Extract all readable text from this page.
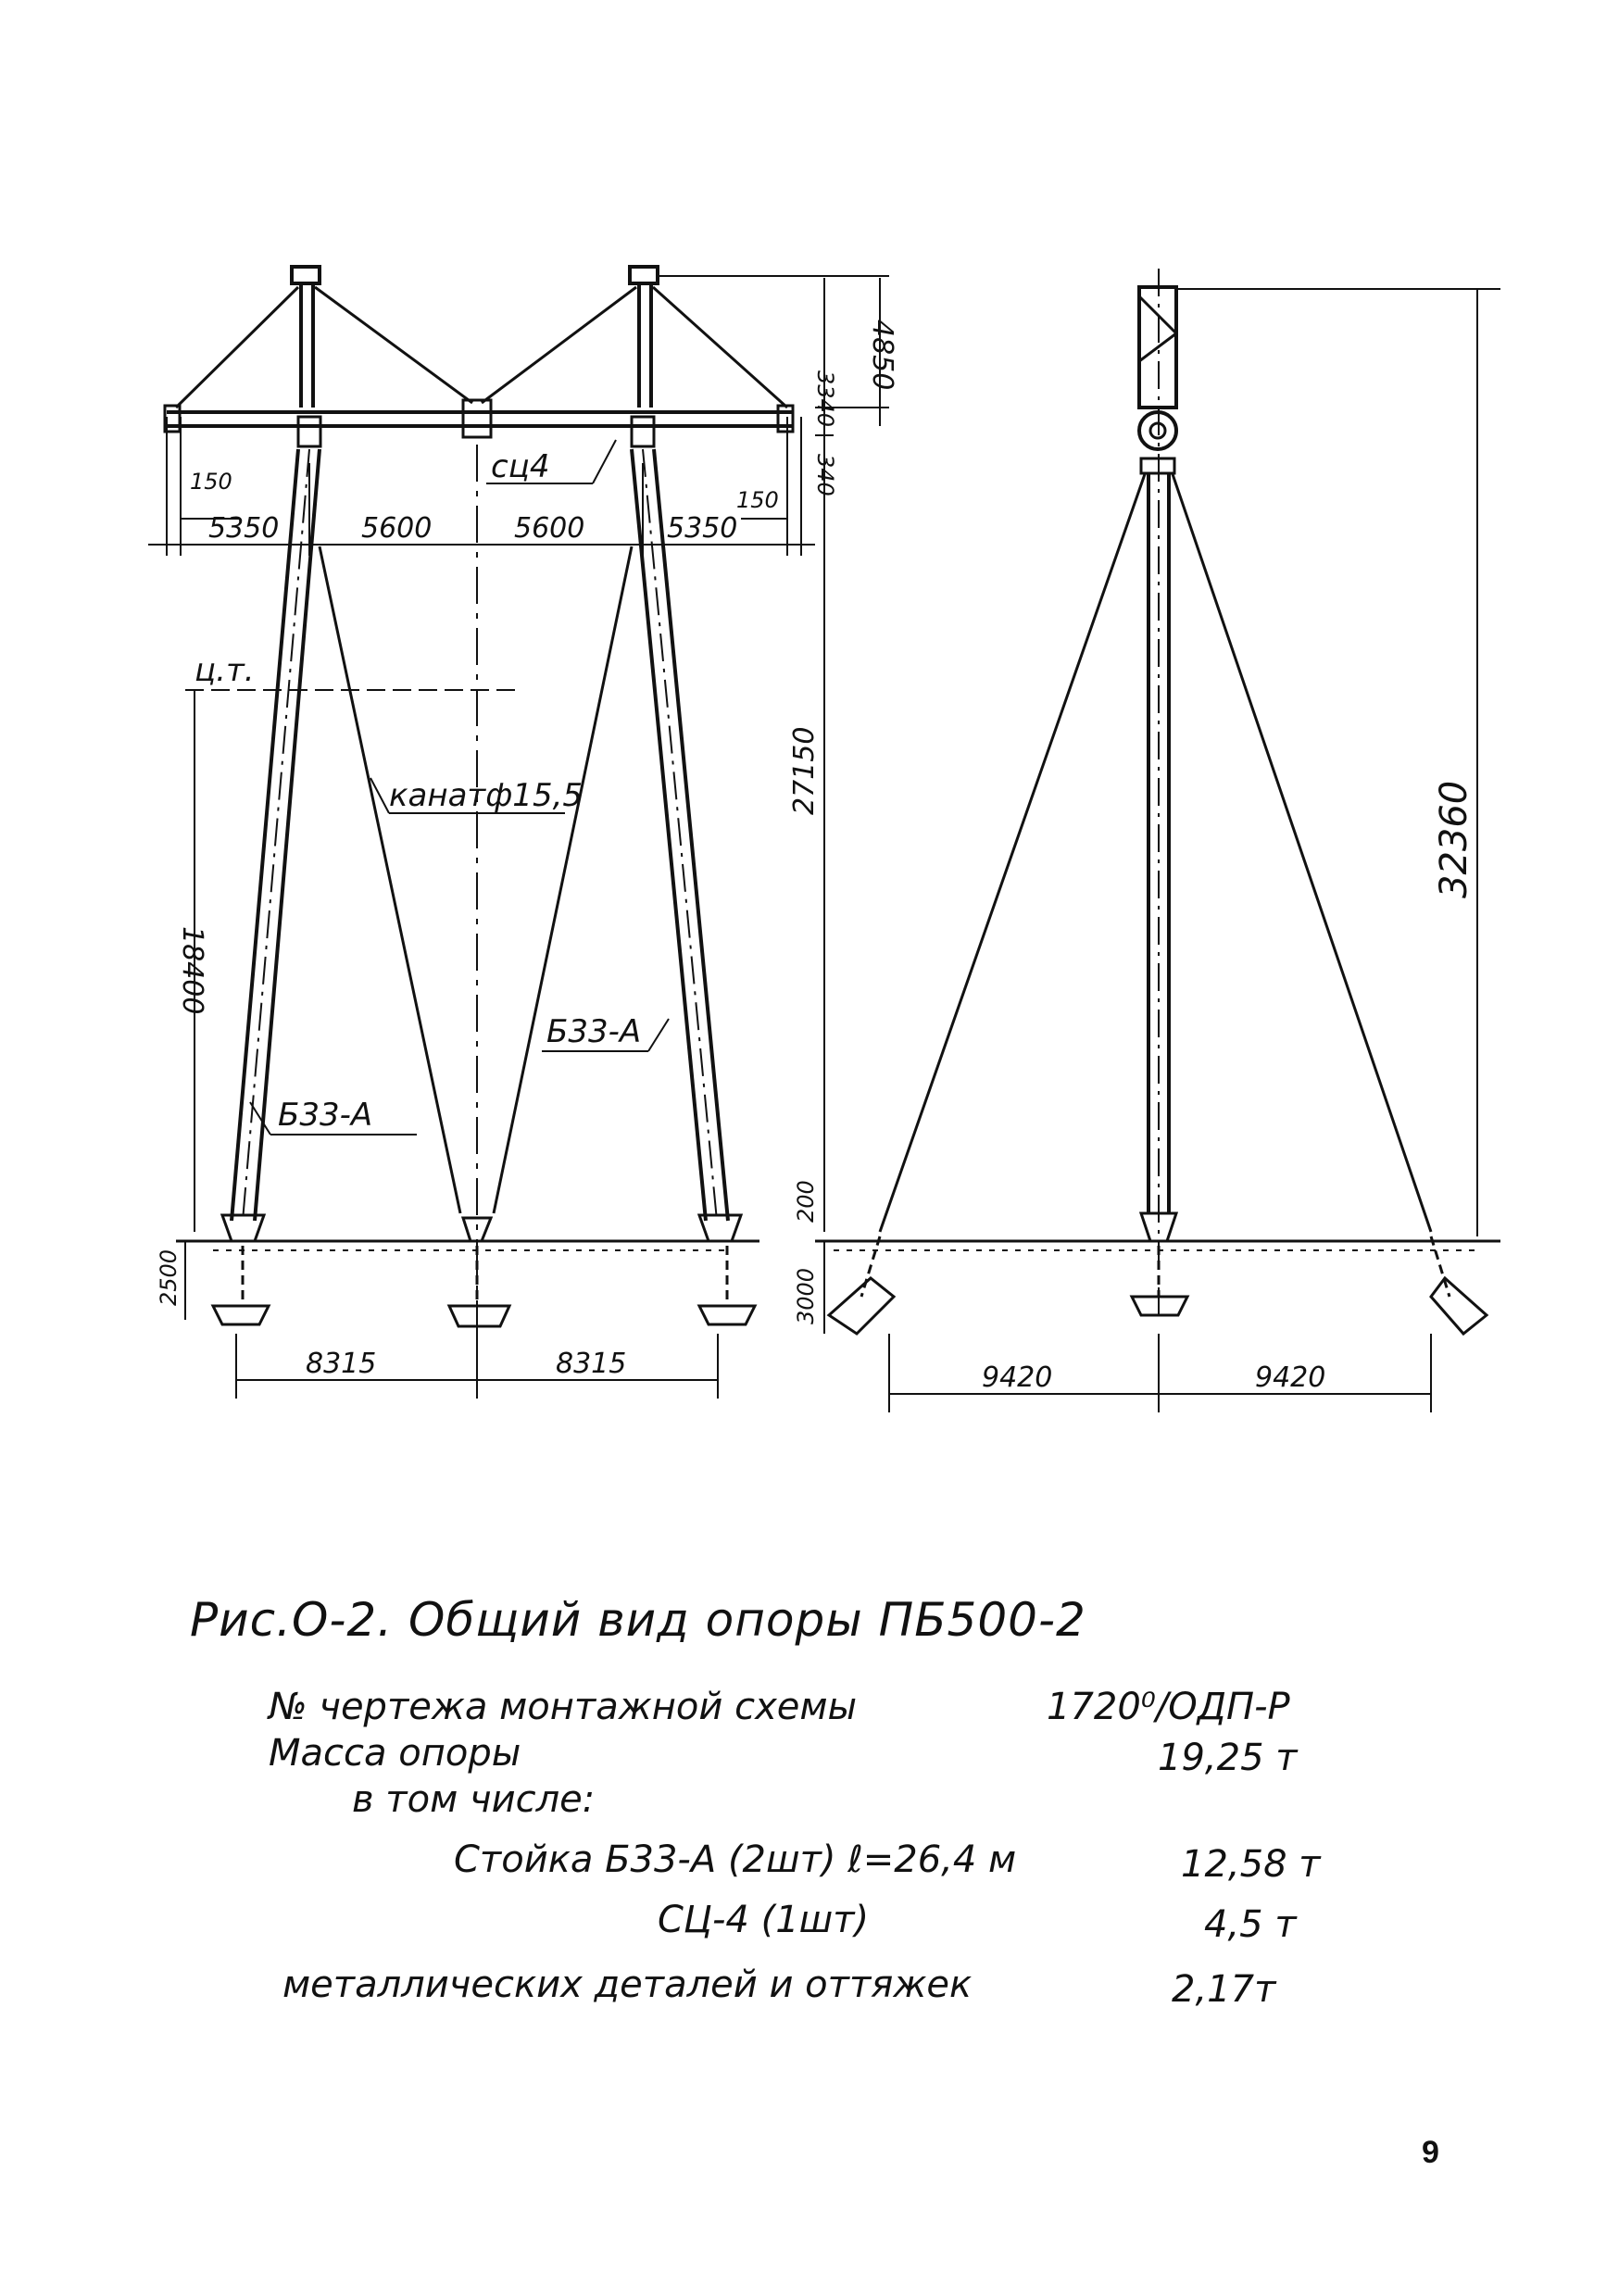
150
150
5350	5600	5600	5350
3340
4850
340
сц4
ц.т.
18400
канатф15,5
Б33-А
Б33-А
27150
200
3000
2500
8315	8315
32360
9420	9420
Рис.О-2. Общий вид опоры ПБ500-2
№ чертежа монтажной схемы	1720⁰/ОДП-Р
Масса опоры	19,25 т
в том числе:
Стойка Б33-А (2шт) ℓ=26,4 м	12,58 т
СЦ-4 (1шт)	4,5 т
металлических деталей и оттяжек	2,17т
9
